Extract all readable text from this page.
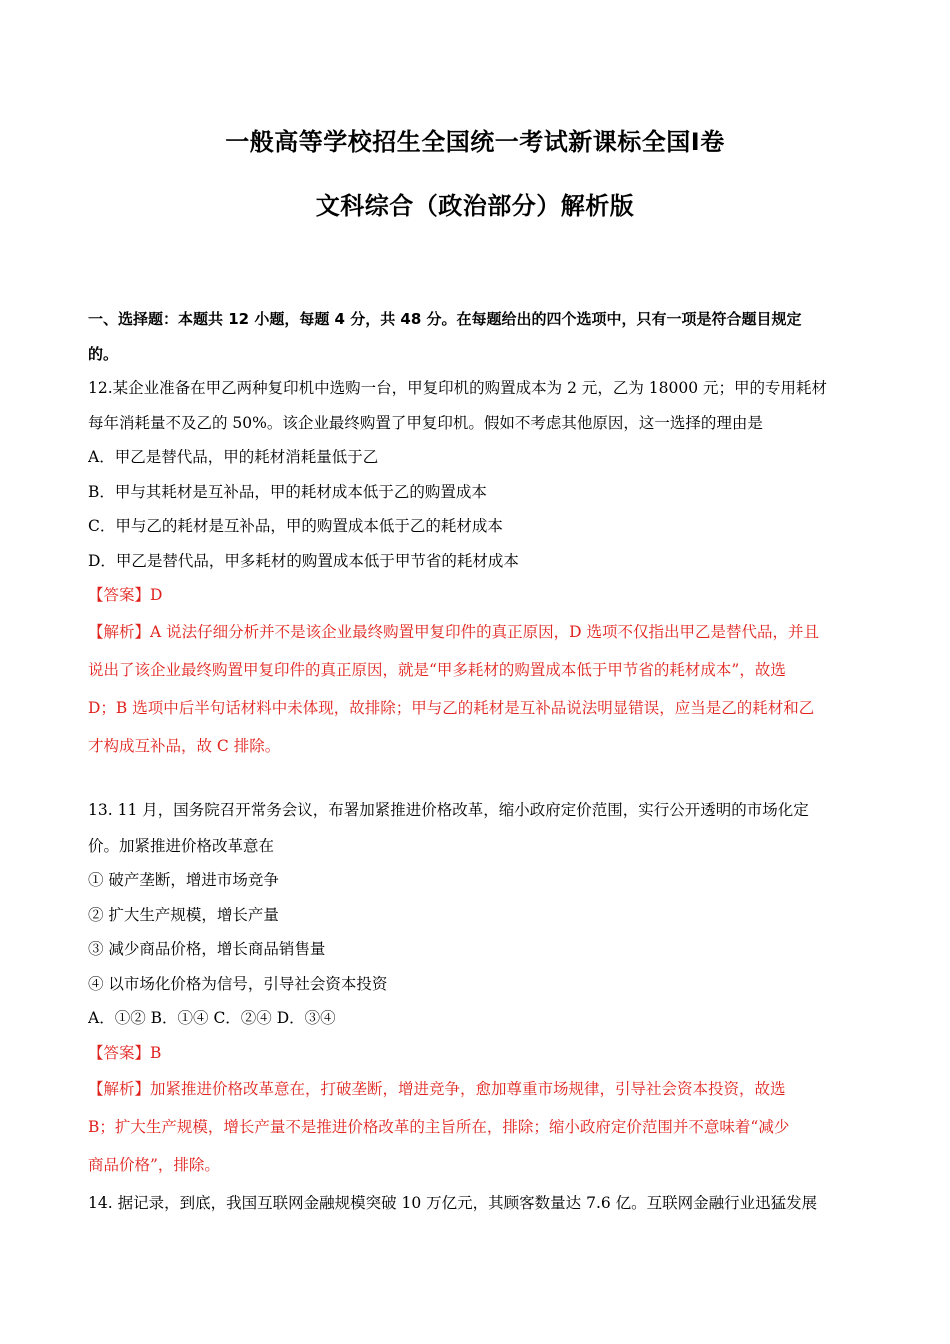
一般高等学校招生全国统一考试新课标全国Ⅰ卷
文科综合（政治部分）解析版
一、选择题：本题共 12 小题，每题 4 分，共 48 分。在每题给出的四个选项中，只有一项是符合题目规定
的。
12.某企业准备在甲乙两种复印机中选购一台，甲复印机的购置成本为 2 元，乙为 18000 元；甲的专用耗材
每年消耗量不及乙的 50%。该企业最终购置了甲复印机。假如不考虑其他原因，这一选择的理由是
A．甲乙是替代品，甲的耗材消耗量低于乙
B．甲与其耗材是互补品，甲的耗材成本低于乙的购置成本
C．甲与乙的耗材是互补品，甲的购置成本低于乙的耗材成本
D．甲乙是替代品，甲多耗材的购置成本低于甲节省的耗材成本
【答案】D
【解析】A 说法仔细分析并不是该企业最终购置甲复印件的真正原因，D 选项不仅指出甲乙是替代品，并且
说出了该企业最终购置甲复印件的真正原因，就是“甲多耗材的购置成本低于甲节省的耗材成本”，故选
D；B 选项中后半句话材料中未体现，故排除；甲与乙的耗材是互补品说法明显错误，应当是乙的耗材和乙
才构成互补品，故 C 排除。
13. 11 月，国务院召开常务会议，布署加紧推进价格改革，缩小政府定价范围，实行公开透明的市场化定
价。加紧推进价格改革意在
① 破产垄断，增进市场竞争
② 扩大生产规模，增长产量
③ 减少商品价格，增长商品销售量
④ 以市场化价格为信号，引导社会资本投资
A．①② B．①④ C．②④ D．③④
【答案】B
【解析】加紧推进价格改革意在，打破垄断，增进竞争，愈加尊重市场规律，引导社会资本投资，故选
B；扩大生产规模，增长产量不是推进价格改革的主旨所在，排除；缩小政府定价范围并不意味着“减少
商品价格”，排除。
14. 据记录，到底，我国互联网金融规模突破 10 万亿元，其顾客数量达 7.6 亿。互联网金融行业迅猛发展
